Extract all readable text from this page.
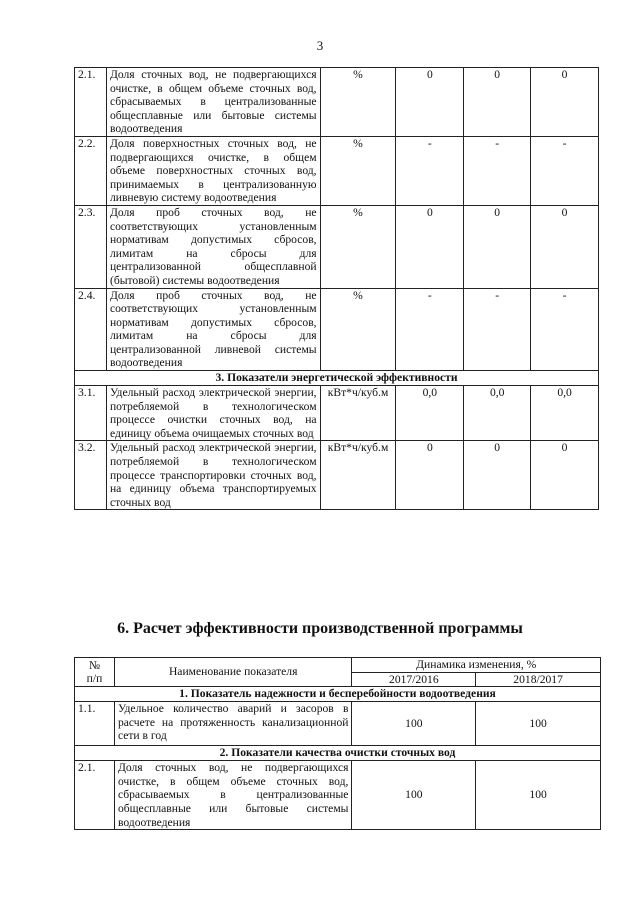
3
2.1.	Доля сточных вод, не подвергающихся очистке, в общем объеме сточных вод, сбрасываемых в централизованные общесплавные или бытовые системы водоотведения	%	0	0	0
2.2.	Доля поверхностных сточных вод, не подвергающихся очистке, в общем объеме поверхностных сточных вод, принимаемых в централизованную ливневую систему водоотведения	%	-	-	-
2.3.	Доля проб сточных вод, не соответствующих установленным нормативам допустимых сбросов, лимитам на сбросы для централизованной общесплавной (бытовой) системы водоотведения	%	0	0	0
2.4.	Доля проб сточных вод, не соответствующих установленным нормативам допустимых сбросов, лимитам на сбросы для централизованной ливневой системы водоотведения	%	-	-	-
3. Показатели энергетической эффективности					
3.1.	Удельный расход электрической энергии, потребляемой в технологическом процессе очистки сточных вод, на единицу объема очищаемых сточных вод	кВт*ч/куб.м	0,0	0,0	0,0
3.2.	Удельный расход электрической энергии, потребляемой в технологическом процессе транспортировки сточных вод, на единицу объема транспортируемых сточных вод	кВт*ч/куб.м	0	0	0
6. Расчет эффективности производственной программы
№
п/п	Наименование показателя	Динамика изменения, %	
		2017/2016	2018/2017
1. Показатель надежности и бесперебойности водоотведения			
1.1.	Удельное количество аварий и засоров в расчете на протяженность канализационной сети в год	100	100
2. Показатели качества очистки сточных вод			
2.1.	Доля сточных вод, не подвергающихся очистке, в общем объеме сточных вод, сбрасываемых в централизованные общесплавные или бытовые системы водоотведения	100	100
